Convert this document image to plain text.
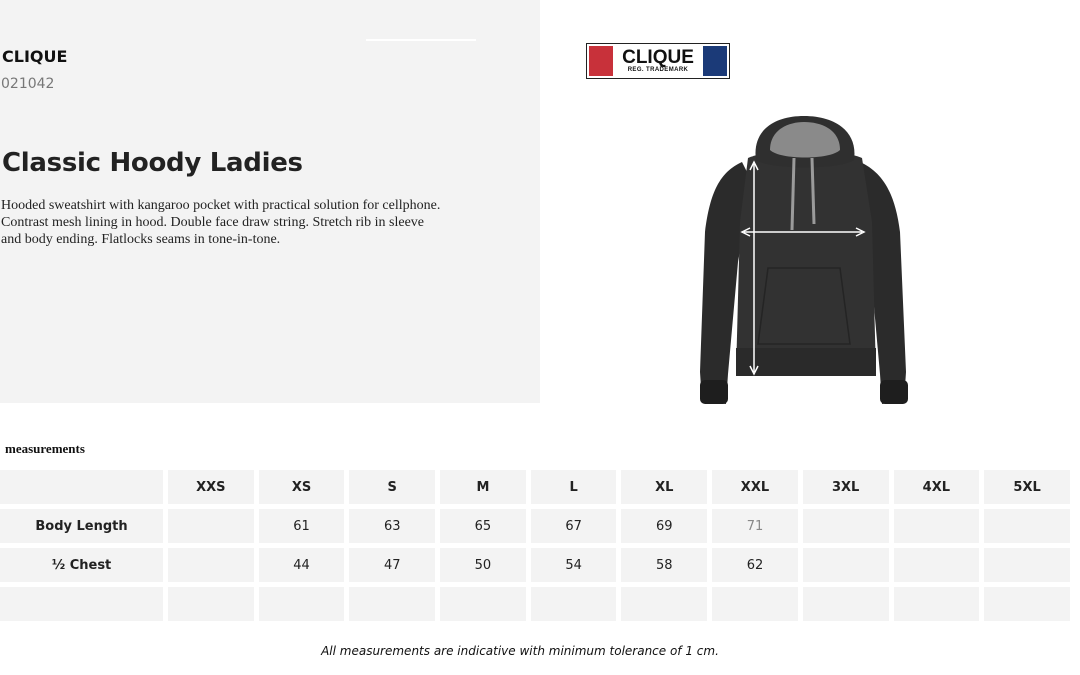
CLIQUE
021042
Classic Hoody Ladies
Hooded sweatshirt with kangaroo pocket with practical solution for cellphone. Contrast mesh lining in hood. Double face draw string. Stretch rib in sleeve and body ending. Flatlocks seams in tone-in-tone.
CLIQUE
REG. TRADEMARK
measurements
	XXS	XS	S	M	L	XL	XXL	3XL	4XL	5XL
Body Length		61	63	65	67	69	71			
½ Chest		44	47	50	54	58	62			

All measurements are indicative with minimum tolerance of 1 cm.
